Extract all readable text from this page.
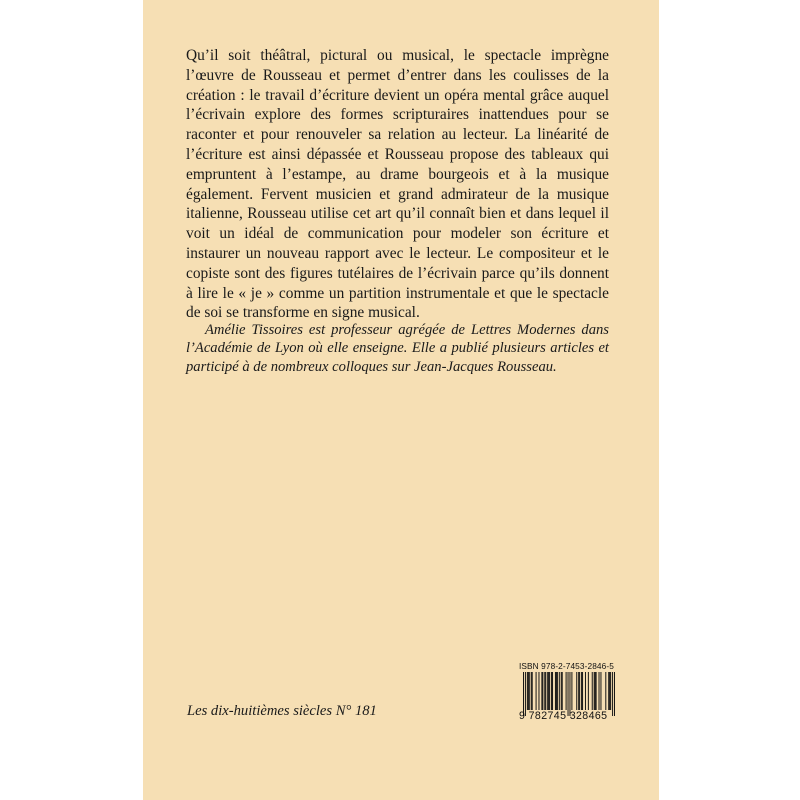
Qu’il soit théâtral, pictural ou musical, le spectacle imprègne l’œuvre de Rousseau et permet d’entrer dans les coulisses de la création : le travail d’écriture devient un opéra mental grâce auquel l’écrivain explore des formes scripturaires inattendues pour se raconter et pour renouveler sa relation au lecteur. La linéarité de l’écriture est ainsi dépassée et Rousseau propose des tableaux qui empruntent à l’estampe, au drame bourgeois et à la musique également. Fervent musicien et grand admirateur de la musique italienne, Rousseau utilise cet art qu’il connaît bien et dans lequel il voit un idéal de communication pour modeler son écriture et instaurer un nouveau rapport avec le lecteur. Le compositeur et le copiste sont des figures tutélaires de l’écrivain parce qu’ils donnent à lire le « je » comme un partition instrumentale et que le spectacle de soi se transforme en signe musical.

Amélie Tissoires est professeur agrégée de Lettres Modernes dans l’Académie de Lyon où elle enseigne. Elle a publié plusieurs articles et participé à de nombreux colloques sur Jean-Jacques Rousseau.

Les dix-huitièmes siècles N° 181
ISBN 978-2-7453-2846-5
9 782745 328465
